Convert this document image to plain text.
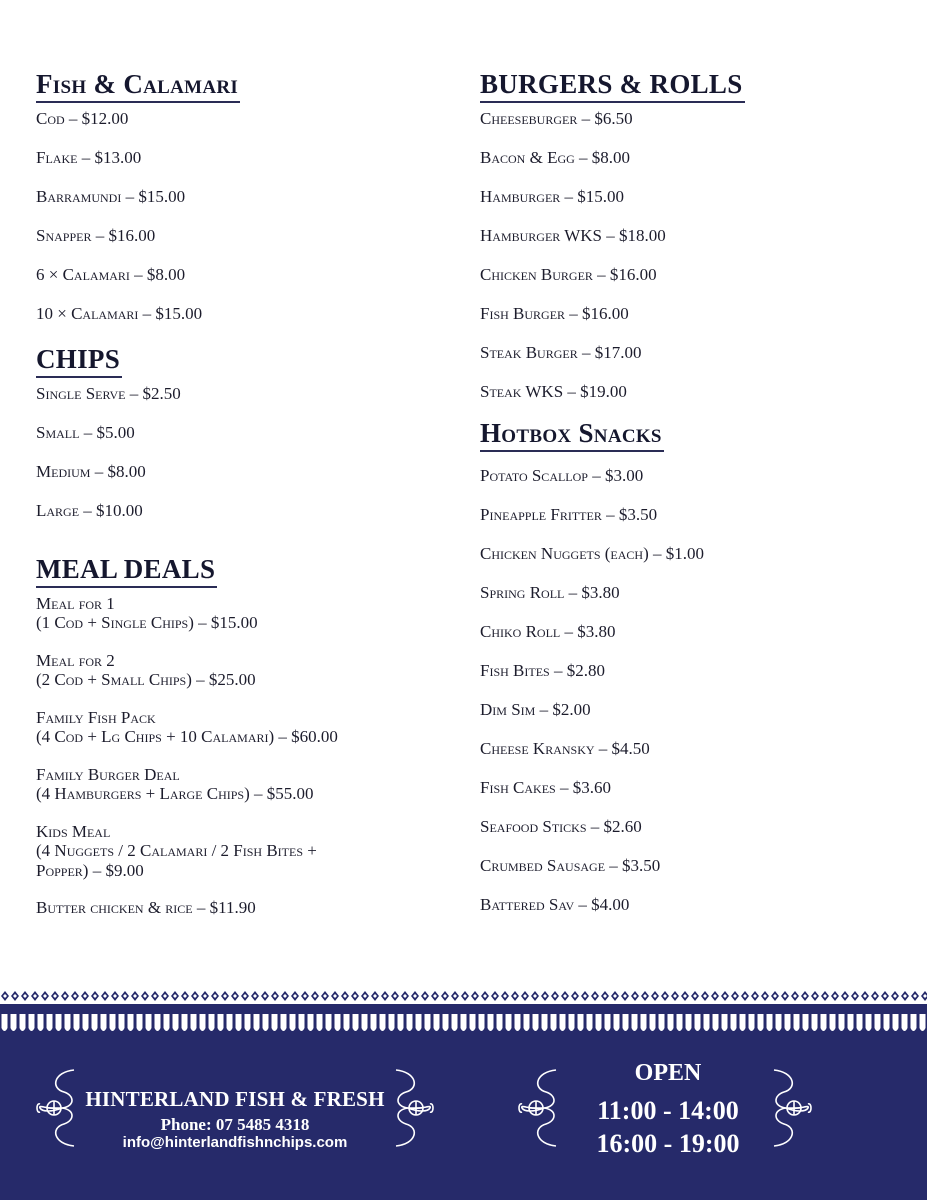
Fish & Calamari
Cod – $12.00
Flake – $13.00
Barramundi – $15.00
Snapper – $16.00
6 × Calamari – $8.00
10 × Calamari – $15.00
CHIPS
Single Serve – $2.50
Small – $5.00
Medium – $8.00
Large – $10.00
MEAL DEALS
Meal for 1
(1 Cod + Single Chips) – $15.00
Meal for 2
(2 Cod + Small Chips) – $25.00
Family Fish Pack
(4 Cod + Lg Chips + 10 Calamari) – $60.00
Family Burger Deal
(4 Hamburgers + Large Chips) – $55.00
Kids Meal
(4 Nuggets / 2 Calamari / 2 Fish Bites +
Popper) – $9.00
Butter chicken & rice – $11.90
BURGERS & ROLLS
Cheeseburger – $6.50
Bacon & Egg – $8.00
Hamburger – $15.00
Hamburger WKS – $18.00
Chicken Burger – $16.00
Fish Burger – $16.00
Steak Burger – $17.00
Steak WKS – $19.00
Hotbox Snacks
Potato Scallop – $3.00
Pineapple Fritter – $3.50
Chicken Nuggets (each) – $1.00
Spring Roll – $3.80
Chiko Roll – $3.80
Fish Bites – $2.80
Dim Sim – $2.00
Cheese Kransky – $4.50
Fish Cakes – $3.60
Seafood Sticks – $2.60
Crumbed Sausage – $3.50
Battered Sav – $4.00
HINTERLAND FISH & FRESH
Phone: 07 5485 4318
info@hinterlandfishnchips.com
OPEN
11:00 - 14:00
16:00 - 19:00
